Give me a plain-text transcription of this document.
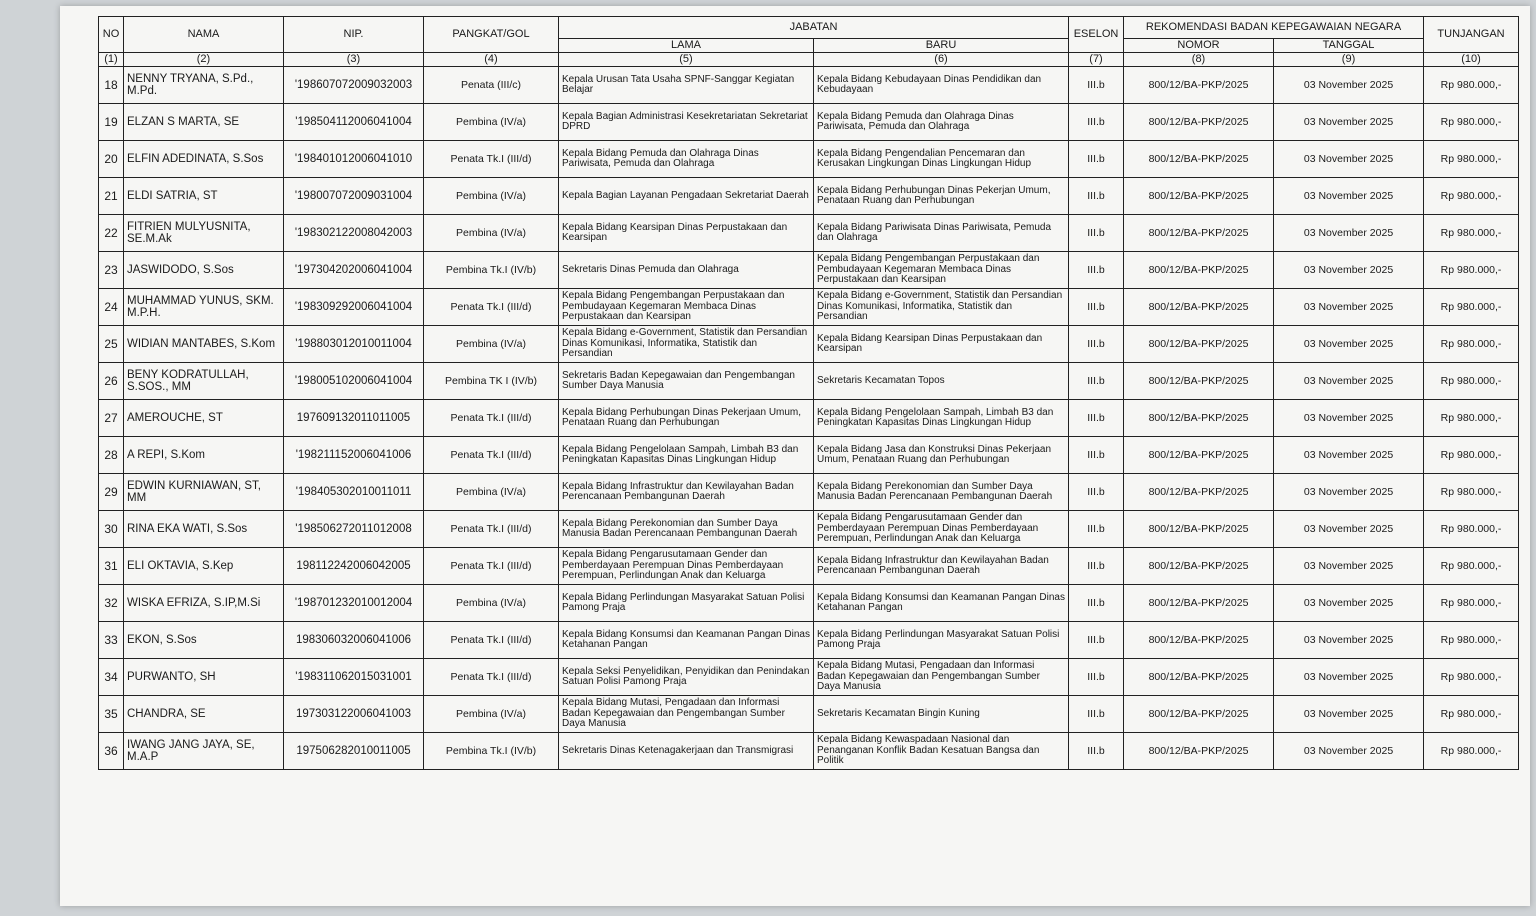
NO	NAMA	NIP.	PANGKAT/GOL	JABATAN		ESELON	REKOMENDASI BADAN KEPEGAWAIAN NEGARA		TUNJANGAN
				LAMA	BARU		NOMOR	TANGGAL	

(1)	(2)	(3)	(4)	(5)	(6)	(7)	(8)	(9)	(10)
18	NENNY TRYANA, S.Pd., M.Pd.	'198607072009032003	Penata (III/c)	Kepala Urusan Tata Usaha SPNF-Sanggar Kegiatan Belajar	Kepala Bidang Kebudayaan Dinas Pendidikan dan Kebudayaan	III.b	800/12/BA-PKP/2025	03 November 2025	Rp 980.000,-
19	ELZAN S MARTA, SE	'198504112006041004	Pembina (IV/a)	Kepala Bagian Administrasi Kesekretariatan Sekretariat DPRD	Kepala Bidang Pemuda dan Olahraga Dinas Pariwisata, Pemuda dan Olahraga	III.b	800/12/BA-PKP/2025	03 November 2025	Rp 980.000,-
20	ELFIN ADEDINATA, S.Sos	'198401012006041010	Penata Tk.I (III/d)	Kepala Bidang Pemuda dan Olahraga Dinas Pariwisata, Pemuda dan Olahraga	Kepala Bidang Pengendalian Pencemaran dan Kerusakan Lingkungan Dinas Lingkungan Hidup	III.b	800/12/BA-PKP/2025	03 November 2025	Rp 980.000,-
21	ELDI SATRIA, ST	'198007072009031004	Pembina (IV/a)	Kepala Bagian Layanan Pengadaan Sekretariat Daerah	Kepala Bidang Perhubungan Dinas Pekerjan Umum, Penataan Ruang dan Perhubungan	III.b	800/12/BA-PKP/2025	03 November 2025	Rp 980.000,-
22	FITRIEN MULYUSNITA, SE.M.Ak	'198302122008042003	Pembina (IV/a)	Kepala Bidang Kearsipan Dinas Perpustakaan dan Kearsipan	Kepala Bidang Pariwisata Dinas Pariwisata, Pemuda dan Olahraga	III.b	800/12/BA-PKP/2025	03 November 2025	Rp 980.000,-
23	JASWIDODO, S.Sos	'197304202006041004	Pembina Tk.I (IV/b)	Sekretaris Dinas Pemuda dan Olahraga	Kepala Bidang Pengembangan Perpustakaan dan Pembudayaan Kegemaran Membaca Dinas Perpustakaan dan Kearsipan	III.b	800/12/BA-PKP/2025	03 November 2025	Rp 980.000,-
24	MUHAMMAD YUNUS, SKM. M.P.H.	'198309292006041004	Penata Tk.I (III/d)	Kepala Bidang Pengembangan Perpustakaan dan Pembudayaan Kegemaran Membaca Dinas Perpustakaan dan Kearsipan	Kepala Bidang e-Government, Statistik dan Persandian Dinas Komunikasi, Informatika, Statistik dan Persandian	III.b	800/12/BA-PKP/2025	03 November 2025	Rp 980.000,-
25	WIDIAN MANTABES, S.Kom	'198803012010011004	Pembina (IV/a)	Kepala Bidang e-Government, Statistik dan Persandian Dinas Komunikasi, Informatika, Statistik dan Persandian	Kepala Bidang Kearsipan Dinas Perpustakaan dan Kearsipan	III.b	800/12/BA-PKP/2025	03 November 2025	Rp 980.000,-
26	BENY KODRATULLAH, S.SOS., MM	'198005102006041004	Pembina TK I (IV/b)	Sekretaris Badan Kepegawaian dan Pengembangan Sumber Daya Manusia	Sekretaris Kecamatan Topos	III.b	800/12/BA-PKP/2025	03 November 2025	Rp 980.000,-
27	AMEROUCHE, ST	197609132011011005	Penata Tk.I (III/d)	Kepala Bidang Perhubungan Dinas Pekerjaan Umum, Penataan Ruang dan Perhubungan	Kepala Bidang Pengelolaan Sampah, Limbah B3 dan Peningkatan Kapasitas Dinas Lingkungan Hidup	III.b	800/12/BA-PKP/2025	03 November 2025	Rp 980.000,-
28	A REPI, S.Kom	'198211152006041006	Penata Tk.I (III/d)	Kepala Bidang Pengelolaan Sampah, Limbah B3 dan Peningkatan Kapasitas Dinas Lingkungan Hidup	Kepala Bidang Jasa dan Konstruksi Dinas Pekerjaan Umum, Penataan Ruang dan Perhubungan	III.b	800/12/BA-PKP/2025	03 November 2025	Rp 980.000,-
29	EDWIN KURNIAWAN, ST, MM	'198405302010011011	Pembina (IV/a)	Kepala Bidang Infrastruktur dan Kewilayahan Badan Perencanaan Pembangunan Daerah	Kepala Bidang Perekonomian dan Sumber Daya Manusia Badan Perencanaan Pembangunan Daerah	III.b	800/12/BA-PKP/2025	03 November 2025	Rp 980.000,-
30	RINA EKA WATI, S.Sos	'198506272011012008	Penata Tk.I (III/d)	Kepala Bidang Perekonomian dan Sumber Daya Manusia Badan Perencanaan Pembangunan Daerah	Kepala Bidang Pengarusutamaan Gender dan Pemberdayaan Perempuan Dinas Pemberdayaan Perempuan, Perlindungan Anak dan Keluarga	III.b	800/12/BA-PKP/2025	03 November 2025	Rp 980.000,-
31	ELI OKTAVIA, S.Kep	198112242006042005	Penata Tk.I (III/d)	Kepala Bidang Pengarusutamaan Gender dan Pemberdayaan Perempuan Dinas Pemberdayaan Perempuan, Perlindungan Anak dan Keluarga	Kepala Bidang Infrastruktur dan Kewilayahan Badan Perencanaan Pembangunan Daerah	III.b	800/12/BA-PKP/2025	03 November 2025	Rp 980.000,-
32	WISKA EFRIZA, S.IP,M.Si	'198701232010012004	Pembina (IV/a)	Kepala Bidang Perlindungan Masyarakat Satuan Polisi Pamong Praja	Kepala Bidang Konsumsi dan Keamanan Pangan Dinas Ketahanan Pangan	III.b	800/12/BA-PKP/2025	03 November 2025	Rp 980.000,-
33	EKON, S.Sos	198306032006041006	Penata Tk.I (III/d)	Kepala Bidang Konsumsi dan Keamanan Pangan Dinas Ketahanan Pangan	Kepala Bidang Perlindungan Masyarakat Satuan Polisi Pamong Praja	III.b	800/12/BA-PKP/2025	03 November 2025	Rp 980.000,-
34	PURWANTO, SH	'198311062015031001	Penata Tk.I (III/d)	Kepala Seksi Penyelidikan, Penyidikan dan Penindakan Satuan Polisi Pamong Praja	Kepala Bidang Mutasi, Pengadaan dan Informasi Badan Kepegawaian dan Pengembangan Sumber Daya Manusia	III.b	800/12/BA-PKP/2025	03 November 2025	Rp 980.000,-
35	CHANDRA, SE	197303122006041003	Pembina (IV/a)	Kepala Bidang Mutasi, Pengadaan dan Informasi Badan Kepegawaian dan Pengembangan Sumber Daya Manusia	Sekretaris Kecamatan Bingin Kuning	III.b	800/12/BA-PKP/2025	03 November 2025	Rp 980.000,-
36	IWANG JANG JAYA, SE, M.A.P	197506282010011005	Pembina Tk.I (IV/b)	Sekretaris Dinas Ketenagakerjaan dan Transmigrasi	Kepala Bidang Kewaspadaan Nasional dan Penanganan Konflik Badan Kesatuan Bangsa dan Politik	III.b	800/12/BA-PKP/2025	03 November 2025	Rp 980.000,-
